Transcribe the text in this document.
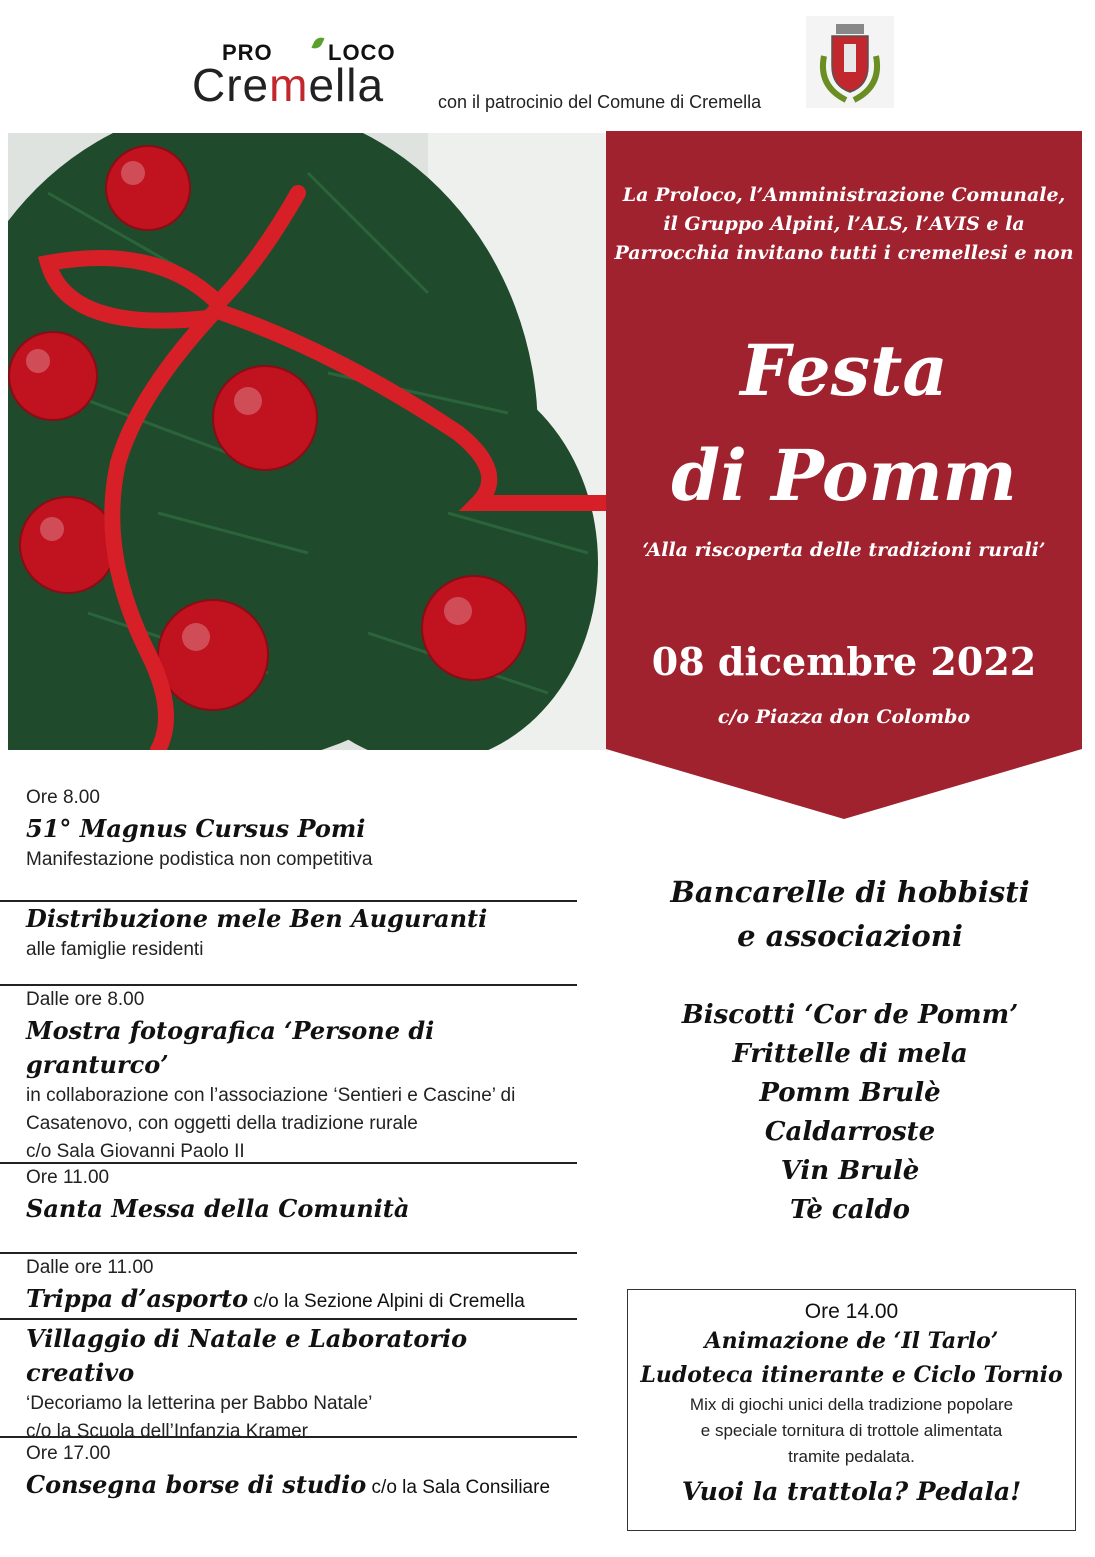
PRO	LOCO
Cremella	con il patrocinio del Comune di Cremella
La Proloco, l’Amministrazione Comunale,
il Gruppo Alpini, l’ALS, l’AVIS e la
Parrocchia invitano tutti i cremellesi e non
Festa
di Pomm
‘Alla riscoperta delle tradizioni rurali’
08 dicembre 2022
c/o Piazza don Colombo
Ore 8.00
51° Magnus Cursus Pomi
Manifestazione podistica non competitiva
Distribuzione mele Ben Auguranti
alle famiglie residenti
Dalle ore 8.00
Mostra fotografica ‘Persone di granturco’
in collaborazione con l’associazione ‘Sentieri e Cascine’ di
Casatenovo, con oggetti della tradizione rurale
c/o Sala Giovanni Paolo II
Ore 11.00
Santa Messa della Comunità
Dalle ore 11.00
Trippa d’asporto c/o la Sezione Alpini di Cremella
Villaggio di Natale e Laboratorio creativo
‘Decoriamo la letterina per Babbo Natale’
c/o la Scuola dell’Infanzia Kramer
Ore 17.00
Consegna borse di studio c/o la Sala Consiliare
Bancarelle di hobbisti
e associazioni
Biscotti ‘Cor de Pomm’
Frittelle di mela
Pomm Brulè
Caldarroste
Vin Brulè
Tè caldo
Ore 14.00
Animazione de ‘Il Tarlo’
Ludoteca itinerante e Ciclo Tornio
Mix di giochi unici della tradizione popolare
e speciale tornitura di trottole alimentata
tramite pedalata.
Vuoi la trattola? Pedala!
